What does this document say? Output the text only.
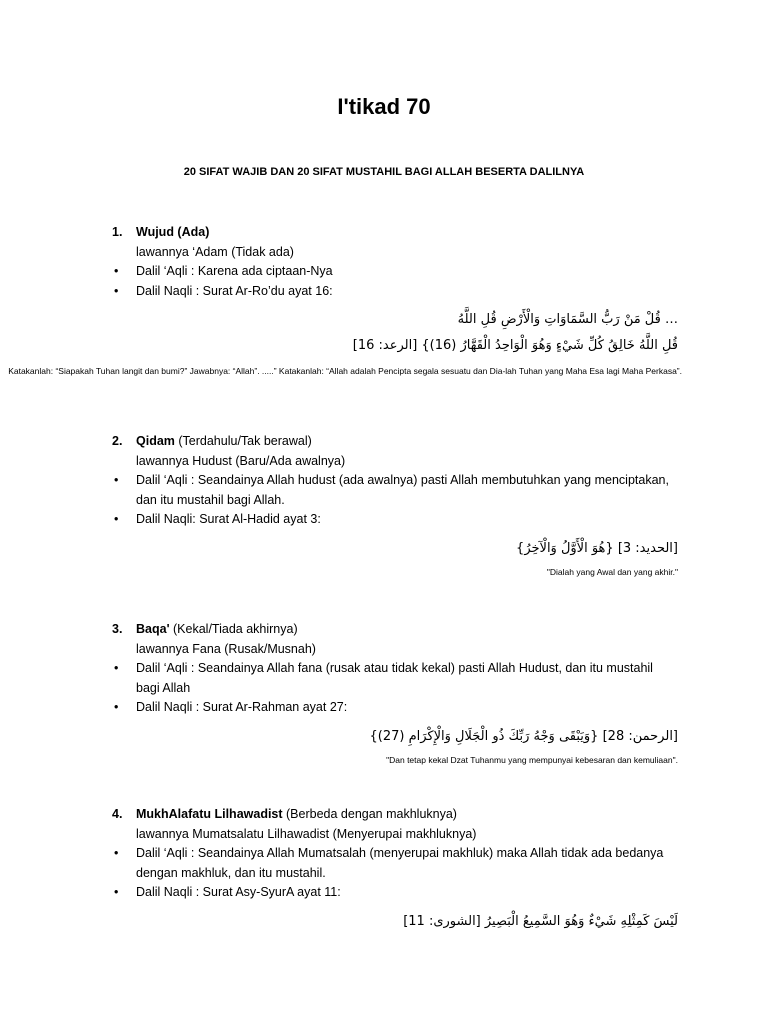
I'tikad 70
20 SIFAT WAJIB DAN 20 SIFAT MUSTAHIL BAGI ALLAH BESERTA DALILNYA
1.	Wujud (Ada)
lawannya ‘Adam (Tidak ada)
•	Dalil ‘Aqli : Karena ada ciptaan-Nya
•	Dalil Naqli : Surat Ar-Ro’du ayat 16:
… قُلْ مَنْ رَبُّ السَّمَاوَاتِ وَالْأَرْضِ قُلِ اللَّهُ
قُلِ اللَّهُ خَالِقُ كُلِّ شَيْءٍ وَهُوَ الْوَاحِدُ الْقَهَّارُ (16)} [الرعد: 16]
Katakanlah: “Siapakah Tuhan langit dan bumi?” Jawabnya: “Allah”. .....” Katakanlah: “Allah adalah Pencipta segala sesuatu dan Dia-lah Tuhan yang Maha Esa lagi Maha Perkasa”.
2.	Qidam (Terdahulu/Tak berawal)
lawannya Hudust (Baru/Ada awalnya)
•	Dalil ‘Aqli : Seandainya Allah hudust (ada awalnya) pasti Allah membutuhkan yang menciptakan,
dan itu mustahil bagi Allah.
•	Dalil Naqli: Surat Al-Hadid ayat 3:
[الحديد: 3] {هُوَ الْأَوَّلُ وَالْآخِرُ}
"Dialah yang Awal dan yang akhir."
3.	Baqa' (Kekal/Tiada akhirnya)
lawannya Fana (Rusak/Musnah)
•	Dalil ‘Aqli : Seandainya Allah fana (rusak atau tidak kekal) pasti Allah Hudust, dan itu mustahil
bagi Allah
•	Dalil Naqli : Surat Ar-Rahman ayat 27:
[الرحمن: 28] {وَيَبْقَى وَجْهُ رَبِّكَ ذُو الْجَلَالِ وَالْإِكْرَامِ (27)}
"Dan tetap kekal Dzat Tuhanmu yang mempunyai kebesaran dan kemuliaan".
4.	MukhAlafatu Lilhawadist (Berbeda dengan makhluknya)
lawannya Mumatsalatu Lilhawadist (Menyerupai makhluknya)
•	Dalil ‘Aqli : Seandainya Allah Mumatsalah (menyerupai makhluk) maka Allah tidak ada bedanya
dengan makhluk, dan itu mustahil.
•	Dalil Naqli : Surat Asy-SyurA ayat 11:
لَيْسَ كَمِثْلِهِ شَيْءٌ وَهُوَ السَّمِيعُ الْبَصِيرُ [الشورى: 11]
